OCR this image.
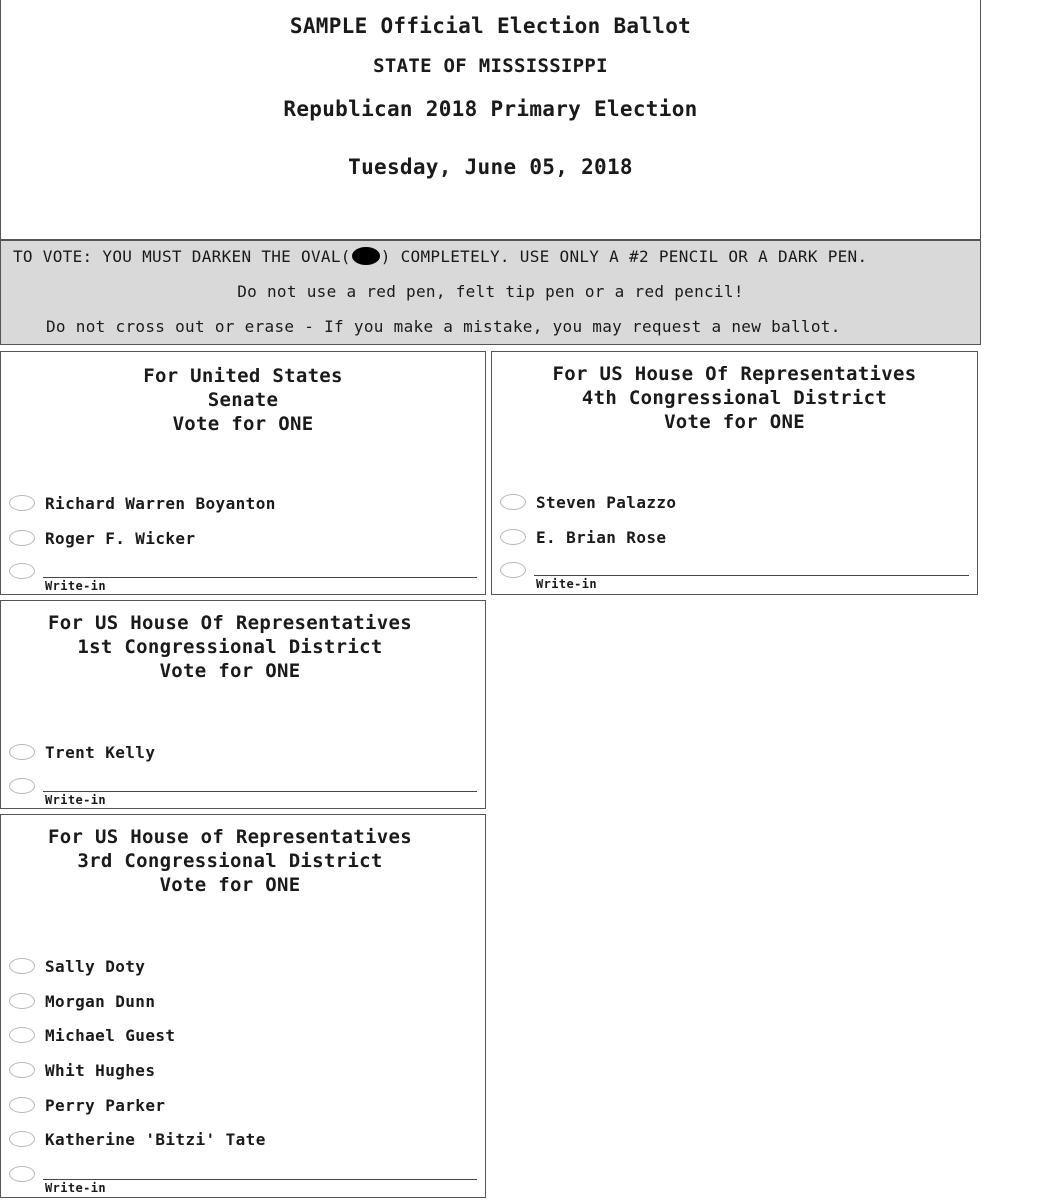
SAMPLE Official Election Ballot
STATE OF MISSISSIPPI
Republican 2018 Primary Election
Tuesday, June 05, 2018
TO VOTE: YOU MUST DARKEN THE OVAL( ) COMPLETELY. USE ONLY A #2 PENCIL OR A DARK PEN.
Do not use a red pen, felt tip pen or a red pencil!
Do not cross out or erase - If you make a mistake, you may request a new ballot.
For United States
Senate
Vote for ONE
Richard Warren Boyanton
Roger F. Wicker
Write-in
For US House Of Representatives
4th Congressional District
Vote for ONE
Steven Palazzo
E. Brian Rose
Write-in
For US House Of Representatives
1st Congressional District
Vote for ONE
Trent Kelly
Write-in
For US House of Representatives
3rd Congressional District
Vote for ONE
Sally Doty
Morgan Dunn
Michael Guest
Whit Hughes
Perry Parker
Katherine 'Bitzi' Tate
Write-in
